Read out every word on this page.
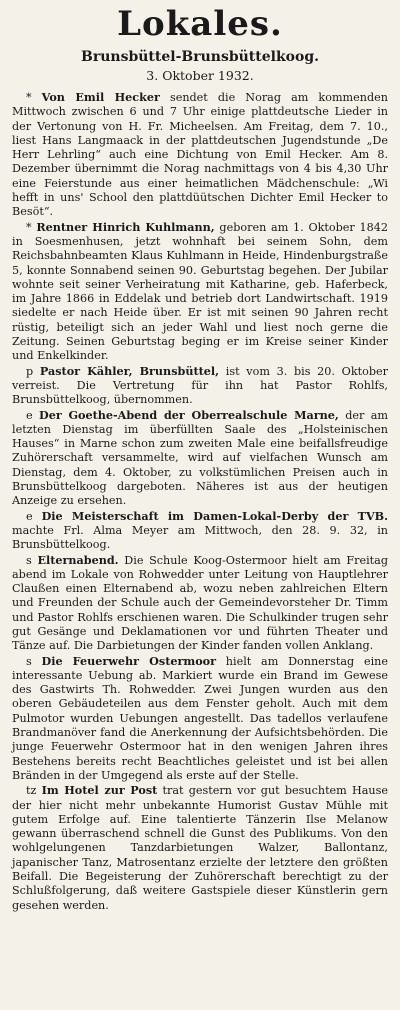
Lokales.
Brunsbüttel-Brunsbüttelkoog.
3. Oktober 1932.

* Von Emil Hecker sendet die Norag am kommenden Mittwoch zwischen 6 und 7 Uhr einige plattdeutsche Lieder in der Vertonung von H. Fr. Micheelsen. Am Freitag, dem 7. 10., liest Hans Langmaack in der plattdeutschen Jugendstunde „De Herr Lehrling“ auch eine Dichtung von Emil Hecker. Am 8. Dezember übernimmt die Norag nachmittags von 4 bis 4,30 Uhr eine Feierstunde aus einer heimatlichen Mädchenschule: „Wi hefft in uns' School den plattdüütschen Dichter Emil Hecker to Besöt“.

* Rentner Hinrich Kuhlmann, geboren am 1. Oktober 1842 in Soesmenhusen, jetzt wohnhaft bei seinem Sohn, dem Reichsbahnbeamten Klaus Kuhlmann in Heide, Hindenburgstraße 5, konnte Sonnabend seinen 90. Geburtstag begehen. Der Jubilar wohnte seit seiner Verheiratung mit Katharine, geb. Haferbeck, im Jahre 1866 in Eddelak und betrieb dort Landwirtschaft. 1919 siedelte er nach Heide über. Er ist mit seinen 90 Jahren recht rüstig, beteiligt sich an jeder Wahl und liest noch gerne die Zeitung. Seinen Geburtstag beging er im Kreise seiner Kinder und Enkelkinder.

p Pastor Kähler, Brunsbüttel, ist vom 3. bis 20. Oktober verreist. Die Vertretung für ihn hat Pastor Rohlfs, Brunsbüttelkoog, übernommen.

e Der Goethe-Abend der Oberrealschule Marne, der am letzten Dienstag im überfüllten Saale des „Holsteinischen Hauses“ in Marne schon zum zweiten Male eine beifallsfreudige Zuhörerschaft versammelte, wird auf vielfachen Wunsch am Dienstag, dem 4. Oktober, zu volkstümlichen Preisen auch in Brunsbüttelkoog dargeboten. Näheres ist aus der heutigen Anzeige zu ersehen.

e Die Meisterschaft im Damen-Lokal-Derby der TVB. machte Frl. Alma Meyer am Mittwoch, den 28. 9. 32, in Brunsbüttelkoog.

s Elternabend. Die Schule Koog-Ostermoor hielt am Freitag abend im Lokale von Rohwedder unter Leitung von Hauptlehrer Claußen einen Elternabend ab, wozu neben zahlreichen Eltern und Freunden der Schule auch der Gemeindevorsteher Dr. Timm und Pastor Rohlfs erschienen waren. Die Schulkinder trugen sehr gut Gesänge und Deklamationen vor und führten Theater und Tänze auf. Die Darbietungen der Kinder fanden vollen Anklang.

s Die Feuerwehr Ostermoor hielt am Donnerstag eine interessante Uebung ab. Markiert wurde ein Brand im Gewese des Gastwirts Th. Rohwedder. Zwei Jungen wurden aus den oberen Gebäudeteilen aus dem Fenster geholt. Auch mit dem Pulmotor wurden Uebungen angestellt. Das tadellos verlaufene Brandmanöver fand die Anerkennung der Aufsichtsbehörden. Die junge Feuerwehr Ostermoor hat in den wenigen Jahren ihres Bestehens bereits recht Beachtliches geleistet und ist bei allen Bränden in der Umgegend als erste auf der Stelle.

tz Im Hotel zur Post trat gestern vor gut besuchtem Hause der hier nicht mehr unbekannte Humorist Gustav Mühle mit gutem Erfolge auf. Eine talentierte Tänzerin Ilse Melanow gewann überraschend schnell die Gunst des Publikums. Von den wohlgelungenen Tanzdarbietungen Walzer, Ballontanz, japanischer Tanz, Matrosentanz erzielte der letztere den größten Beifall. Die Begeisterung der Zuhörerschaft berechtigt zu der Schlußfolgerung, daß weitere Gastspiele dieser Künstlerin gern gesehen werden.
